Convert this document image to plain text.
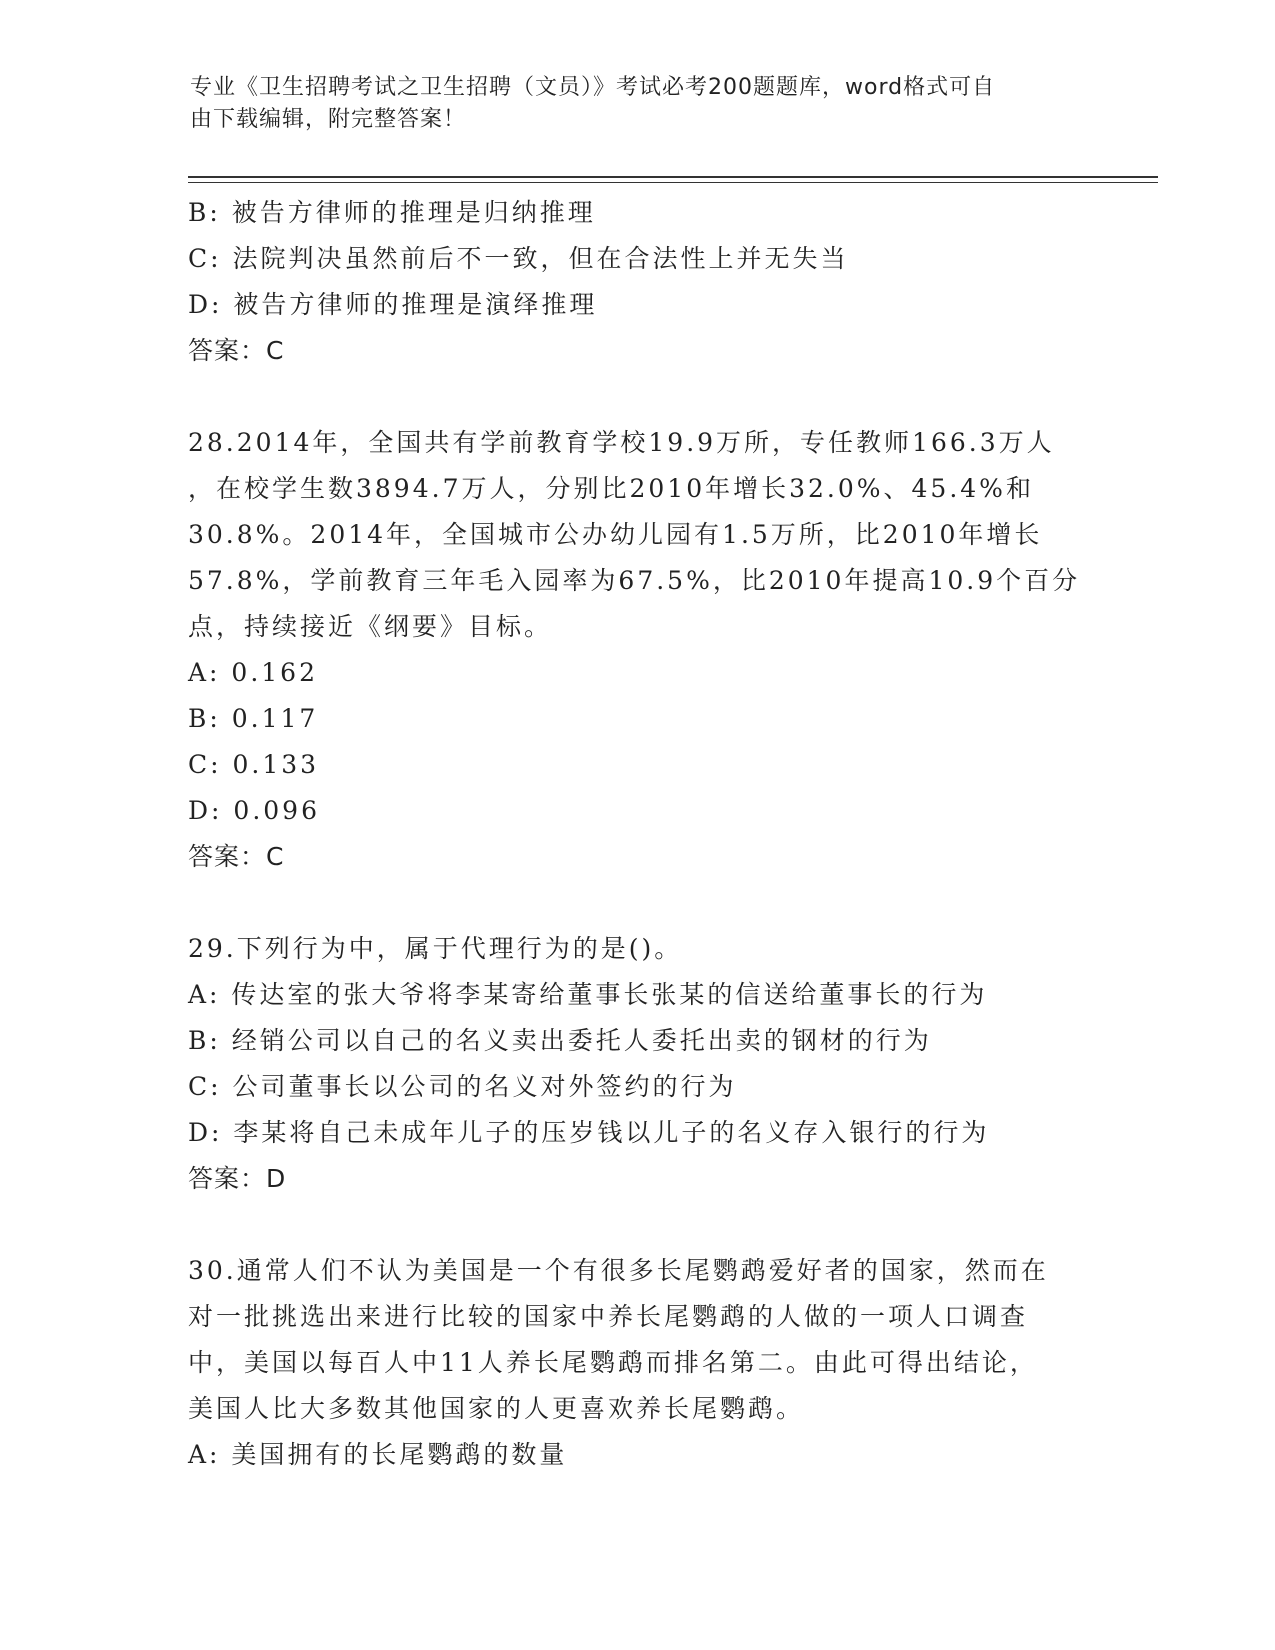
专业《卫生招聘考试之卫生招聘（文员）》考试必考200题题库，word格式可自
由下载编辑，附完整答案！
B: 被告方律师的推理是归纳推理
C: 法院判决虽然前后不一致，但在合法性上并无失当
D: 被告方律师的推理是演绎推理
答案：C
28.2014年，全国共有学前教育学校19.9万所，专任教师166.3万人
，在校学生数3894.7万人，分别比2010年增长32.0%、45.4%和
30.8%。2014年，全国城市公办幼儿园有1.5万所，比2010年增长
57.8%，学前教育三年毛入园率为67.5%，比2010年提高10.9个百分
点，持续接近《纲要》目标。
A: 0.162
B: 0.117
C: 0.133
D: 0.096
答案：C
29.下列行为中，属于代理行为的是()。
A: 传达室的张大爷将李某寄给董事长张某的信送给董事长的行为
B: 经销公司以自己的名义卖出委托人委托出卖的钢材的行为
C: 公司董事长以公司的名义对外签约的行为
D: 李某将自己未成年儿子的压岁钱以儿子的名义存入银行的行为
答案：D
30.通常人们不认为美国是一个有很多长尾鹦鹉爱好者的国家，然而在
对一批挑选出来进行比较的国家中养长尾鹦鹉的人做的一项人口调查
中，美国以每百人中11人养长尾鹦鹉而排名第二。由此可得出结论，
美国人比大多数其他国家的人更喜欢养长尾鹦鹉。
A: 美国拥有的长尾鹦鹉的数量
